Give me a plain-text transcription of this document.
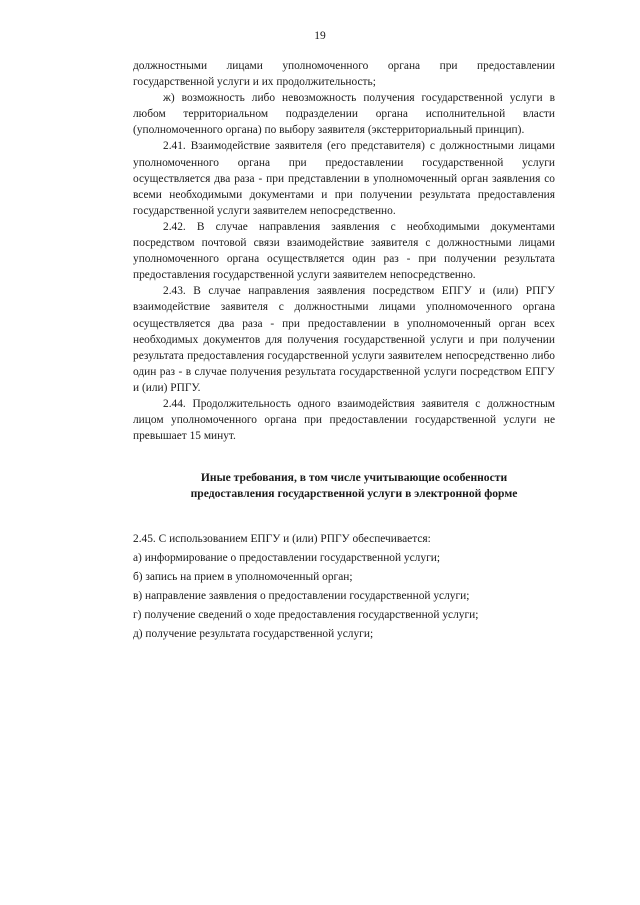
19

должностными лицами уполномоченного органа при предоставлении государственной услуги и их продолжительность;

ж) возможность либо невозможность получения государственной услуги в любом территориальном подразделении органа исполнительной власти (уполномоченного органа) по выбору заявителя (экстерриториальный принцип).

2.41. Взаимодействие заявителя (его представителя) с должностными лицами уполномоченного органа при предоставлении государственной услуги осуществляется два раза - при представлении в уполномоченный орган заявления со всеми необходимыми документами и при получении результата предоставления государственной услуги заявителем непосредственно.

2.42. В случае направления заявления с необходимыми документами посредством почтовой связи взаимодействие заявителя с должностными лицами уполномоченного органа осуществляется один раз - при получении результата предоставления государственной услуги заявителем непосредственно.

2.43. В случае направления заявления посредством ЕПГУ и (или) РПГУ взаимодействие заявителя с должностными лицами уполномоченного органа осуществляется два раза - при предоставлении в уполномоченный орган всех необходимых документов для получения государственной услуги и при получении результата предоставления государственной услуги заявителем непосредственно либо один раз - в случае получения результата государственной услуги посредством ЕПГУ и (или) РПГУ.

2.44. Продолжительность одного взаимодействия заявителя с должностным лицом уполномоченного органа при предоставлении государственной услуги не превышает 15 минут.

Иные требования, в том числе учитывающие особенности предоставления государственной услуги в электронной форме

2.45. С использованием ЕПГУ и (или) РПГУ обеспечивается:

а) информирование о предоставлении государственной услуги;
б) запись на прием в уполномоченный орган;
в) направление заявления о предоставлении государственной услуги;
г) получение сведений о ходе предоставления государственной услуги;
д) получение результата государственной услуги;
